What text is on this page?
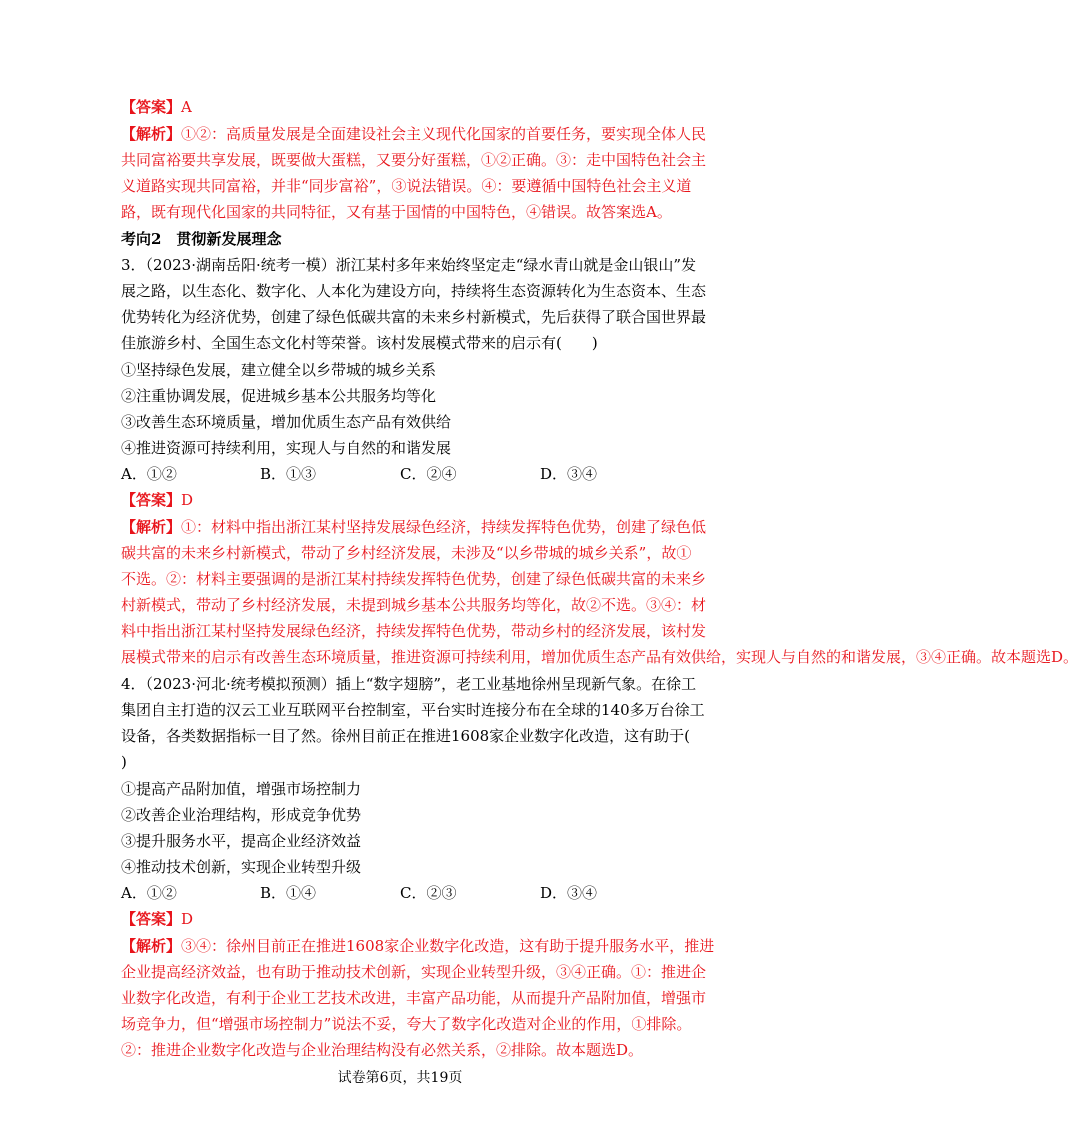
【答案】A
【解析】①②：高质量发展是全面建设社会主义现代化国家的首要任务，要实现全体人民
共同富裕要共享发展，既要做大蛋糕，又要分好蛋糕，①②正确。③：走中国特色社会主
义道路实现共同富裕，并非“同步富裕”，③说法错误。④：要遵循中国特色社会主义道
路，既有现代化国家的共同特征，又有基于国情的中国特色，④错误。故答案选A。
考向2　贯彻新发展理念
3．（2023·湖南岳阳·统考一模）浙江某村多年来始终坚定走“绿水青山就是金山银山”发
展之路，以生态化、数字化、人本化为建设方向，持续将生态资源转化为生态资本、生态
优势转化为经济优势，创建了绿色低碳共富的未来乡村新模式，先后获得了联合国世界最
佳旅游乡村、全国生态文化村等荣誉。该村发展模式带来的启示有(　　)
①坚持绿色发展，建立健全以乡带城的城乡关系
②注重协调发展，促进城乡基本公共服务均等化
③改善生态环境质量，增加优质生态产品有效供给
④推进资源可持续利用，实现人与自然的和谐发展
A．①②	B．①③	C．②④	D．③④
【答案】D
【解析】①：材料中指出浙江某村坚持发展绿色经济，持续发挥特色优势，创建了绿色低
碳共富的未来乡村新模式，带动了乡村经济发展，未涉及“以乡带城的城乡关系”，故①
不选。②：材料主要强调的是浙江某村持续发挥特色优势，创建了绿色低碳共富的未来乡
村新模式，带动了乡村经济发展，未提到城乡基本公共服务均等化，故②不选。③④：材
料中指出浙江某村坚持发展绿色经济，持续发挥特色优势，带动乡村的经济发展，该村发
展模式带来的启示有改善生态环境质量，推进资源可持续利用，增加优质生态产品有效供给，实现人与自然的和谐发展，③④正确。故本题选D。
4．（2023·河北·统考模拟预测）插上“数字翅膀”，老工业基地徐州呈现新气象。在徐工
集团自主打造的汉云工业互联网平台控制室，平台实时连接分布在全球的140多万台徐工
设备，各类数据指标一目了然。徐州目前正在推进1608家企业数字化改造，这有助于(
)
①提高产品附加值，增强市场控制力
②改善企业治理结构，形成竞争优势
③提升服务水平，提高企业经济效益
④推动技术创新，实现企业转型升级
A．①②	B．①④	C．②③	D．③④
【答案】D
【解析】③④：徐州目前正在推进1608家企业数字化改造，这有助于提升服务水平，推进
企业提高经济效益，也有助于推动技术创新，实现企业转型升级，③④正确。①：推进企
业数字化改造，有利于企业工艺技术改进，丰富产品功能，从而提升产品附加值，增强市
场竞争力，但“增强市场控制力”说法不妥，夸大了数字化改造对企业的作用，①排除。
②：推进企业数字化改造与企业治理结构没有必然关系，②排除。故本题选D。
试卷第6页，共19页
